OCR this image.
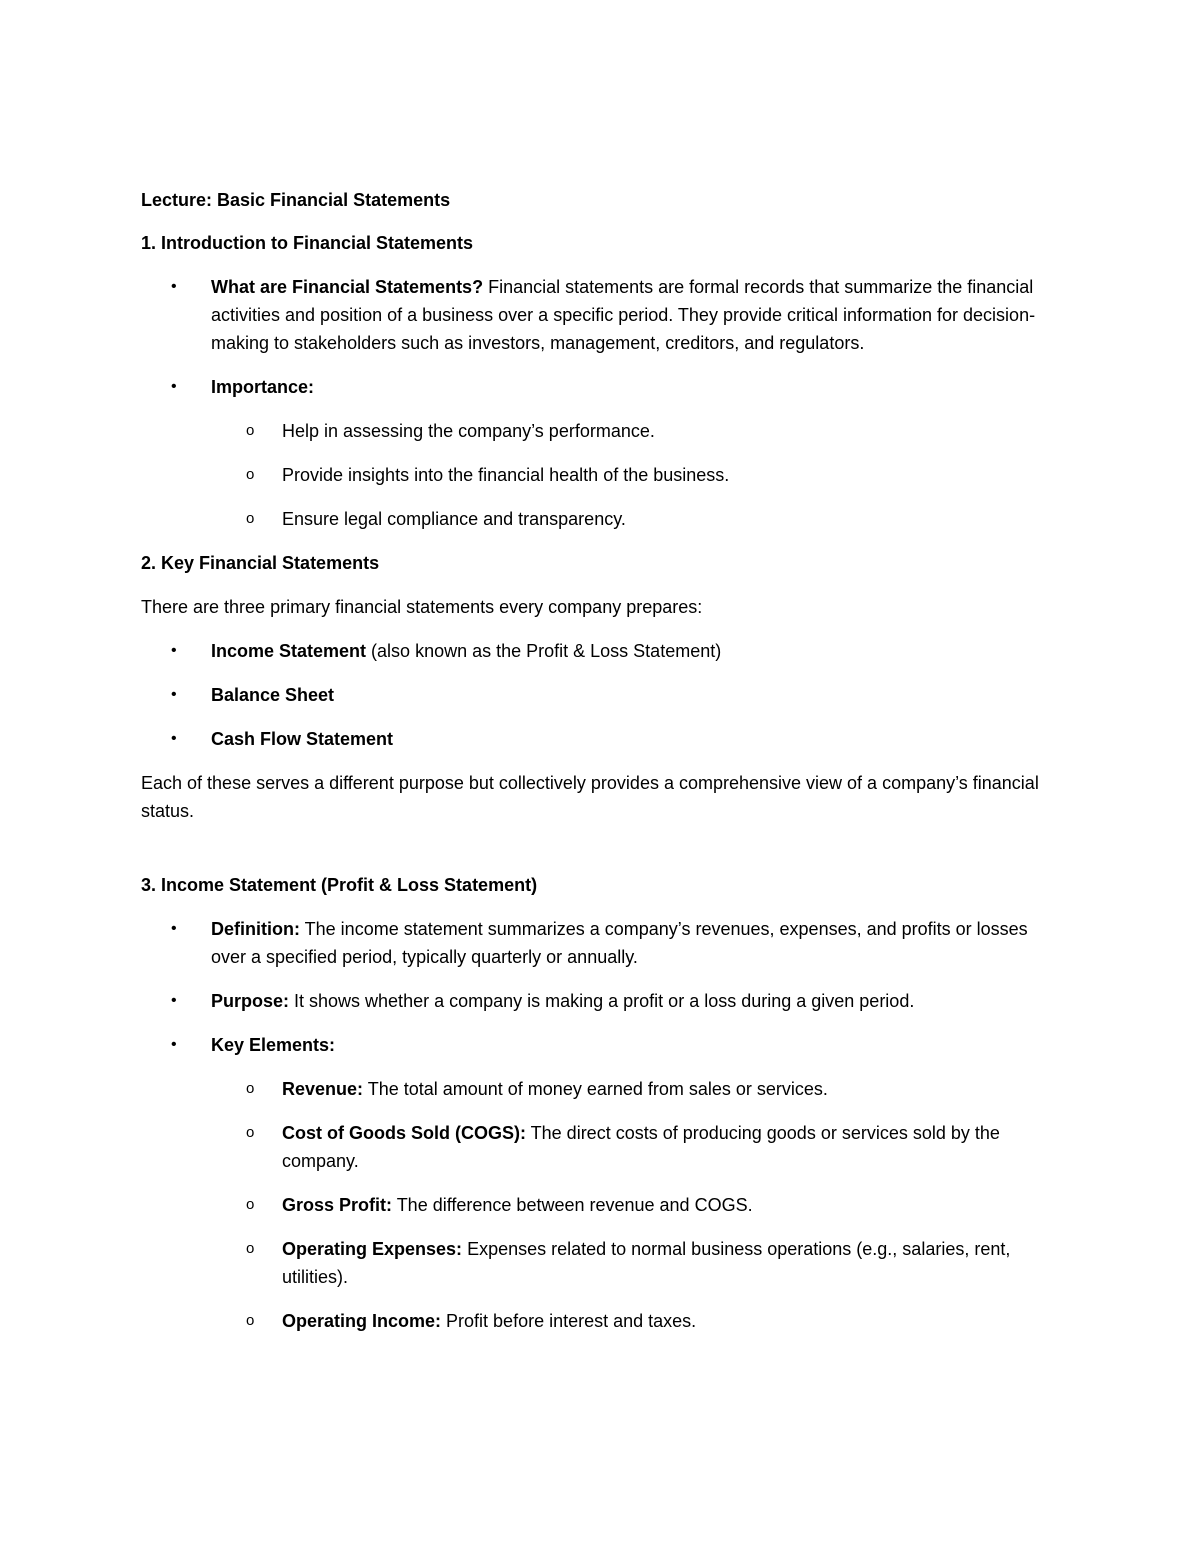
Lecture: Basic Financial Statements

1. Introduction to Financial Statements

• What are Financial Statements? Financial statements are formal records that summarize the financial activities and position of a business over a specific period. They provide critical information for decision-making to stakeholders such as investors, management, creditors, and regulators.
• Importance:
o Help in assessing the company’s performance.
o Provide insights into the financial health of the business.
o Ensure legal compliance and transparency.

2. Key Financial Statements

There are three primary financial statements every company prepares:

• Income Statement (also known as the Profit & Loss Statement)
• Balance Sheet
• Cash Flow Statement

Each of these serves a different purpose but collectively provides a comprehensive view of a company’s financial status.

3. Income Statement (Profit & Loss Statement)

• Definition: The income statement summarizes a company’s revenues, expenses, and profits or losses over a specified period, typically quarterly or annually.
• Purpose: It shows whether a company is making a profit or a loss during a given period.
• Key Elements:
o Revenue: The total amount of money earned from sales or services.
o Cost of Goods Sold (COGS): The direct costs of producing goods or services sold by the company.
o Gross Profit: The difference between revenue and COGS.
o Operating Expenses: Expenses related to normal business operations (e.g., salaries, rent, utilities).
o Operating Income: Profit before interest and taxes.
